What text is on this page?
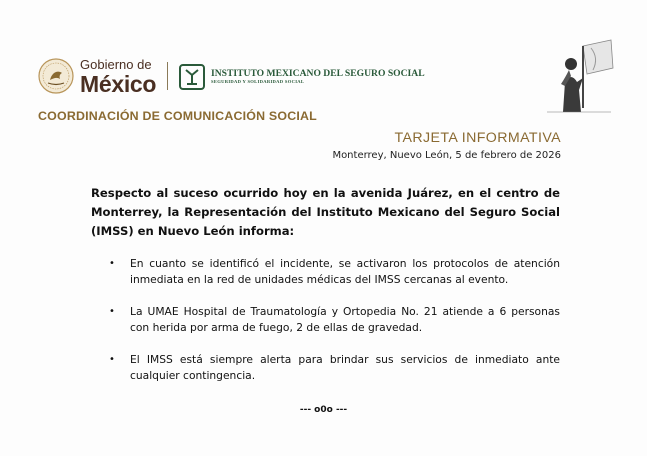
Gobierno de
México	INSTITUTO MEXICANO DEL SEGURO SOCIAL
SEGURIDAD Y SOLIDARIDAD SOCIAL
COORDINACIÓN DE COMUNICACIÓN SOCIAL
TARJETA INFORMATIVA
Monterrey, Nuevo León, 5 de febrero de 2026
Respecto al suceso ocurrido hoy en la avenida Juárez, en el centro de Monterrey, la Representación del Instituto Mexicano del Seguro Social (IMSS) en Nuevo León informa:
• En cuanto se identificó el incidente, se activaron los protocolos de atención inmediata en la red de unidades médicas del IMSS cercanas al evento.
• La UMAE Hospital de Traumatología y Ortopedia No. 21 atiende a 6 personas con herida por arma de fuego, 2 de ellas de gravedad.
• El IMSS está siempre alerta para brindar sus servicios de inmediato ante cualquier contingencia.
--- o0o ---
